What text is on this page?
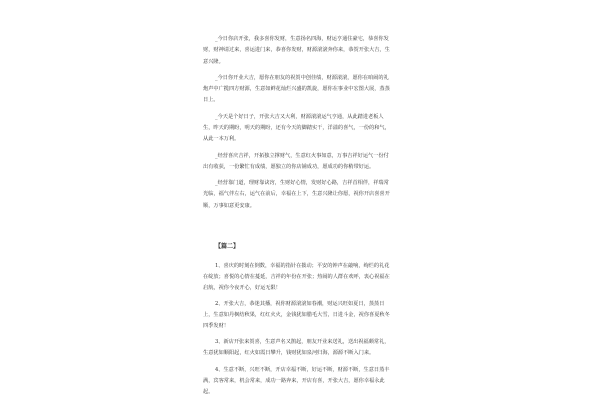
_今日你店开张，我多喜你发财，生意扬名四海，财运亨通住豪宅，恭喜你发财，财神请过来，喜运进门来，恭喜你发财，财源滚滚奔你来，恭贺开张大吉，生意兴隆。

_今日你开业大吉，愿你在朋友的祝贺中创佳绩，财源滚滚，愿你在咱闹的礼炮声中广揽四方财源，生意如鲜花灿烂兴盛的凯旋，愿你在事业中宏图大展，蒸蒸日上。

_今天是个好日子，开张大吉又大利，财源滚滚运气亨通，从此踏进老板人生，昨天的期盼，明天的期盼，还有今天的脚踏实干，洋溢的喜气，一份的和气，从此一本万利。

_经营喜庆吉祥，开拓独立撑财气，生意红火事如意，万事吉祥好运气一份付出有收获，一份繁忙有成绩，愿独立的你店铺成功，愿成功的你稍带好运。

_经营靠门道，理财靠诀窍，生财好心情，发财好心路，吉祥首相伴，祥瑞常光临，福气伴左右，运气在前后，幸福在上下，生意兴隆让你愿，祝你开店喜喜开顺，万事如意更安康。

【篇二】

1、喜庆的时刻在倒数，幸福的指针在拨动；平安的钟声在敲响，绚烂的礼花在绽放；喜悦的心情在蔓延，吉祥的年份在开张；热闹的人群在欢呼，衷心祝福在启航，祝你今夜开心，好运无限！

2、开张大吉，恭迷其播，祝你财源滚滚如春潮，财运兴旺如夏日，蒸蒸日上，生意如丹枫结秋果，红红火火，金钱犹如腊毛大雪，日进斗金，祝你喜夏秋冬四季发财！

3、新店开张来贺喜，生意声名又鹊起，朋友开业来送礼，送出祝福颇常礼，生意犹如顺阳起，红火如霞日攀升，钱财犹如泉河归海，源源不断入门来。

4、生意不断，兴旺不断，开店幸福不断，好运不断，财源不断，生意日蒸丰满，宾客常来，机会常来，成功一路奔来，开店有喜，开张大吉，愿你幸福永此起。
